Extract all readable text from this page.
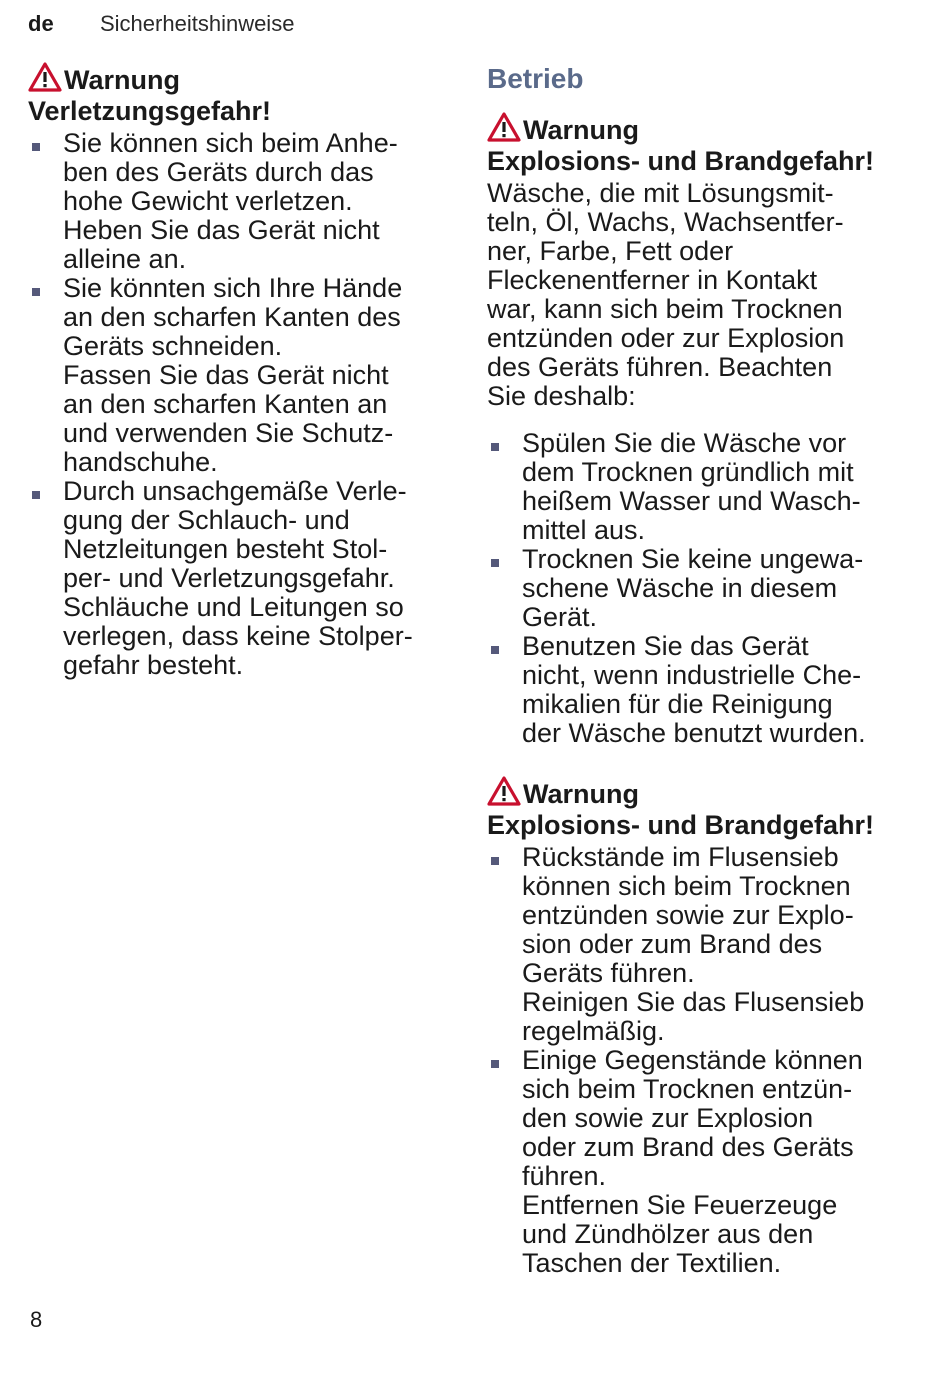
de Sicherheitshinweise

Warnung

Verletzungsgefahr!

Sie können sich beim Anhe-
ben des Geräts durch das
hohe Gewicht verletzen.
Heben Sie das Gerät nicht
alleine an.
Sie könnten sich Ihre Hände
an den scharfen Kanten des
Geräts schneiden.
Fassen Sie das Gerät nicht
an den scharfen Kanten an
und verwenden Sie Schutz-
handschuhe.
Durch unsachgemäße Verle-
gung der Schlauch- und
Netzleitungen besteht Stol-
per- und Verletzungsgefahr.
Schläuche und Leitungen so
verlegen, dass keine Stolper-
gefahr besteht.

Betrieb

Warnung

Explosions- und Brandgefahr!

Wäsche, die mit Lösungsmit-
teln, Öl, Wachs, Wachsentfer-
ner, Farbe, Fett oder
Fleckenentferner in Kontakt
war, kann sich beim Trocknen
entzünden oder zur Explosion
des Geräts führen. Beachten
Sie deshalb:

Spülen Sie die Wäsche vor
dem Trocknen gründlich mit
heißem Wasser und Wasch-
mittel aus.
Trocknen Sie keine ungewa-
schene Wäsche in diesem
Gerät.
Benutzen Sie das Gerät
nicht, wenn industrielle Che-
mikalien für die Reinigung
der Wäsche benutzt wurden.

Warnung

Explosions- und Brandgefahr!

Rückstände im Flusensieb
können sich beim Trocknen
entzünden sowie zur Explo-
sion oder zum Brand des
Geräts führen.
Reinigen Sie das Flusensieb
regelmäßig.
Einige Gegenstände können
sich beim Trocknen entzün-
den sowie zur Explosion
oder zum Brand des Geräts
führen.
Entfernen Sie Feuerzeuge
und Zündhölzer aus den
Taschen der Textilien.
8
